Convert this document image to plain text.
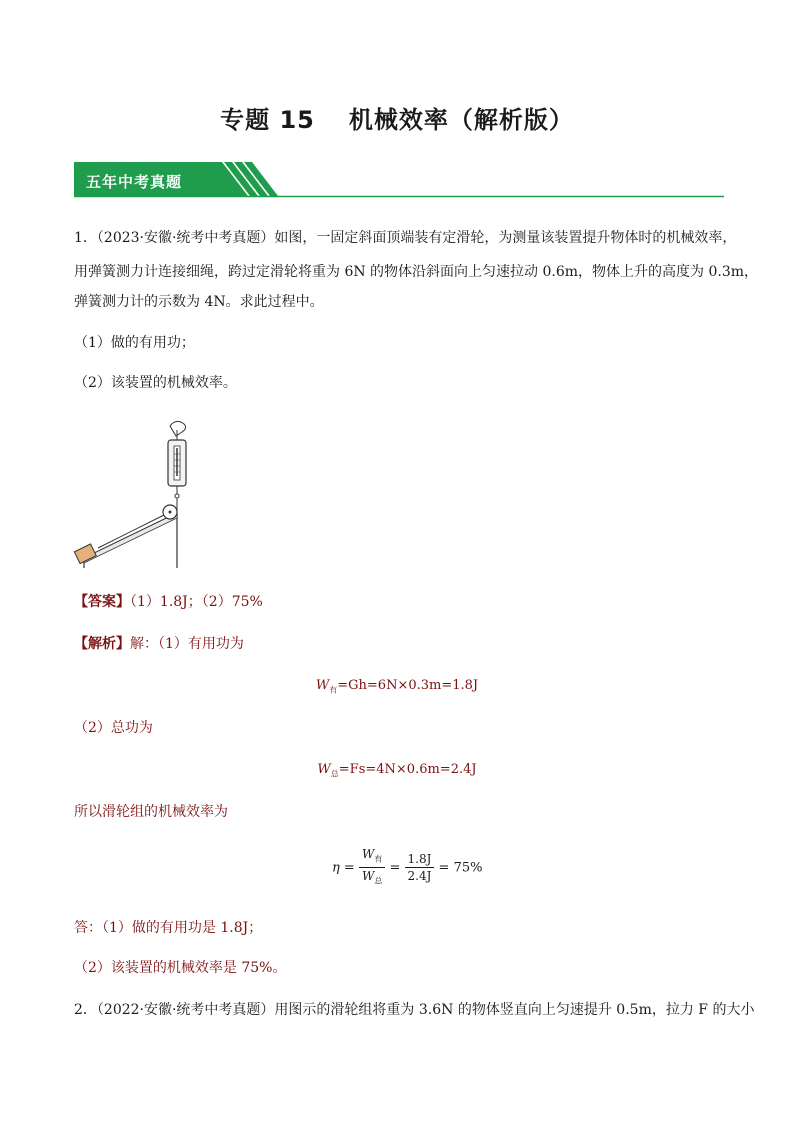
专题 15 机械效率（解析版）
五年中考真题
1．（2023·安徽·统考中考真题）如图，一固定斜面顶端装有定滑轮，为测量该装置提升物体时的机械效率，
用弹簧测力计连接细绳，跨过定滑轮将重为 6N 的物体沿斜面向上匀速拉动 0.6m，物体上升的高度为 0.3m，
弹簧测力计的示数为 4N。求此过程中。
（1）做的有用功；
（2）该装置的机械效率。
【答案】（1）1.8J；（2）75%
【解析】解：（1）有用功为
$W_有=Gh=6N\times 0.3m=1.8J$
（2）总功为
$W_总=Fs=4N\times 0.6m=2.4J$
所以滑轮组的机械效率为
$\eta = \frac{W_有}{W_总} = \frac{1.8J}{2.4J} = 75\%$
答：（1）做的有用功是 1.8J；
（2）该装置的机械效率是 75%。
2．（2022·安徽·统考中考真题）用图示的滑轮组将重为 3.6N 的物体竖直向上匀速提升 0.5m，拉力 F 的大小
